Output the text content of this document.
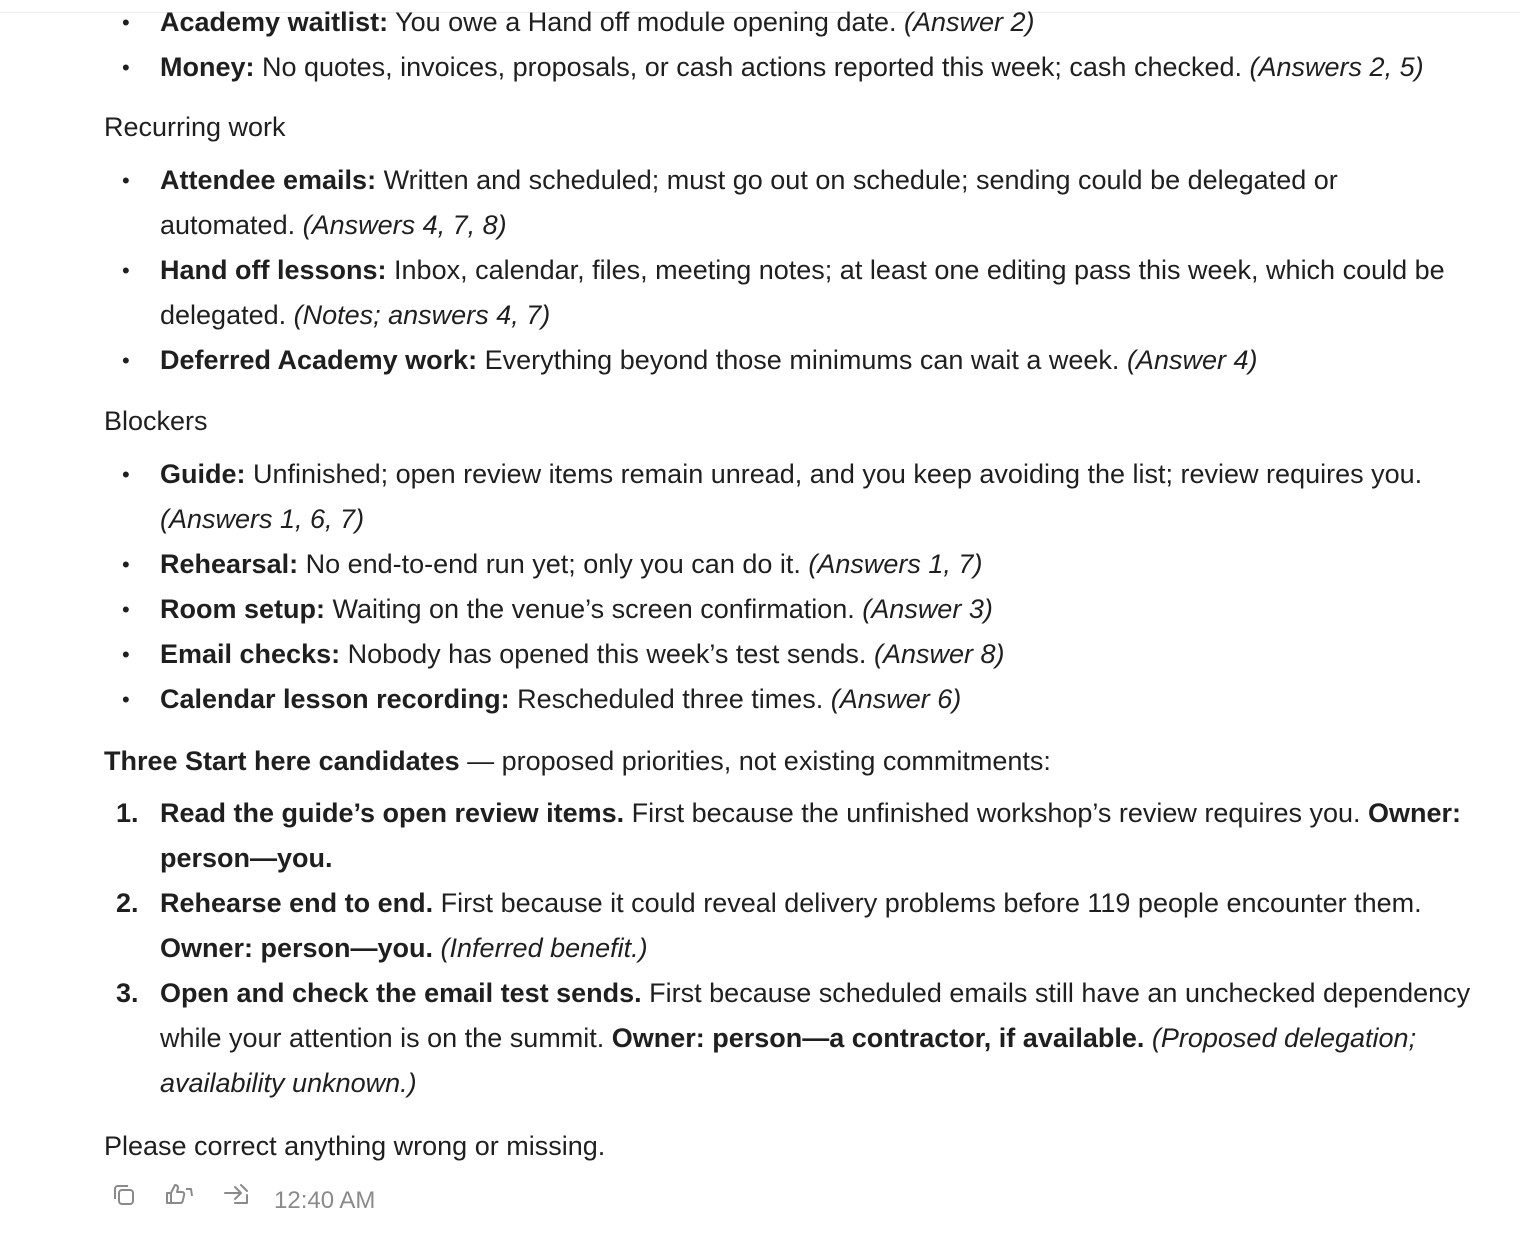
• Academy waitlist: You owe a Hand off module opening date. (Answer 2)
• Money: No quotes, invoices, proposals, or cash actions reported this week; cash checked. (Answers 2, 5)
Recurring work
• Attendee emails: Written and scheduled; must go out on schedule; sending could be delegated or
automated. (Answers 4, 7, 8)
• Hand off lessons: Inbox, calendar, files, meeting notes; at least one editing pass this week, which could be
delegated. (Notes; answers 4, 7)
• Deferred Academy work: Everything beyond those minimums can wait a week. (Answer 4)
Blockers
• Guide: Unfinished; open review items remain unread, and you keep avoiding the list; review requires you.
(Answers 1, 6, 7)
• Rehearsal: No end-to-end run yet; only you can do it. (Answers 1, 7)
• Room setup: Waiting on the venue’s screen confirmation. (Answer 3)
• Email checks: Nobody has opened this week’s test sends. (Answer 8)
• Calendar lesson recording: Rescheduled three times. (Answer 6)
Three Start here candidates — proposed priorities, not existing commitments:
1. Read the guide’s open review items. First because the unfinished workshop’s review requires you. Owner:
person—you.
2. Rehearse end to end. First because it could reveal delivery problems before 119 people encounter them.
Owner: person—you. (Inferred benefit.)
3. Open and check the email test sends. First because scheduled emails still have an unchecked dependency
while your attention is on the summit. Owner: person—a contractor, if available. (Proposed delegation;
availability unknown.)
Please correct anything wrong or missing.
12:40 AM
